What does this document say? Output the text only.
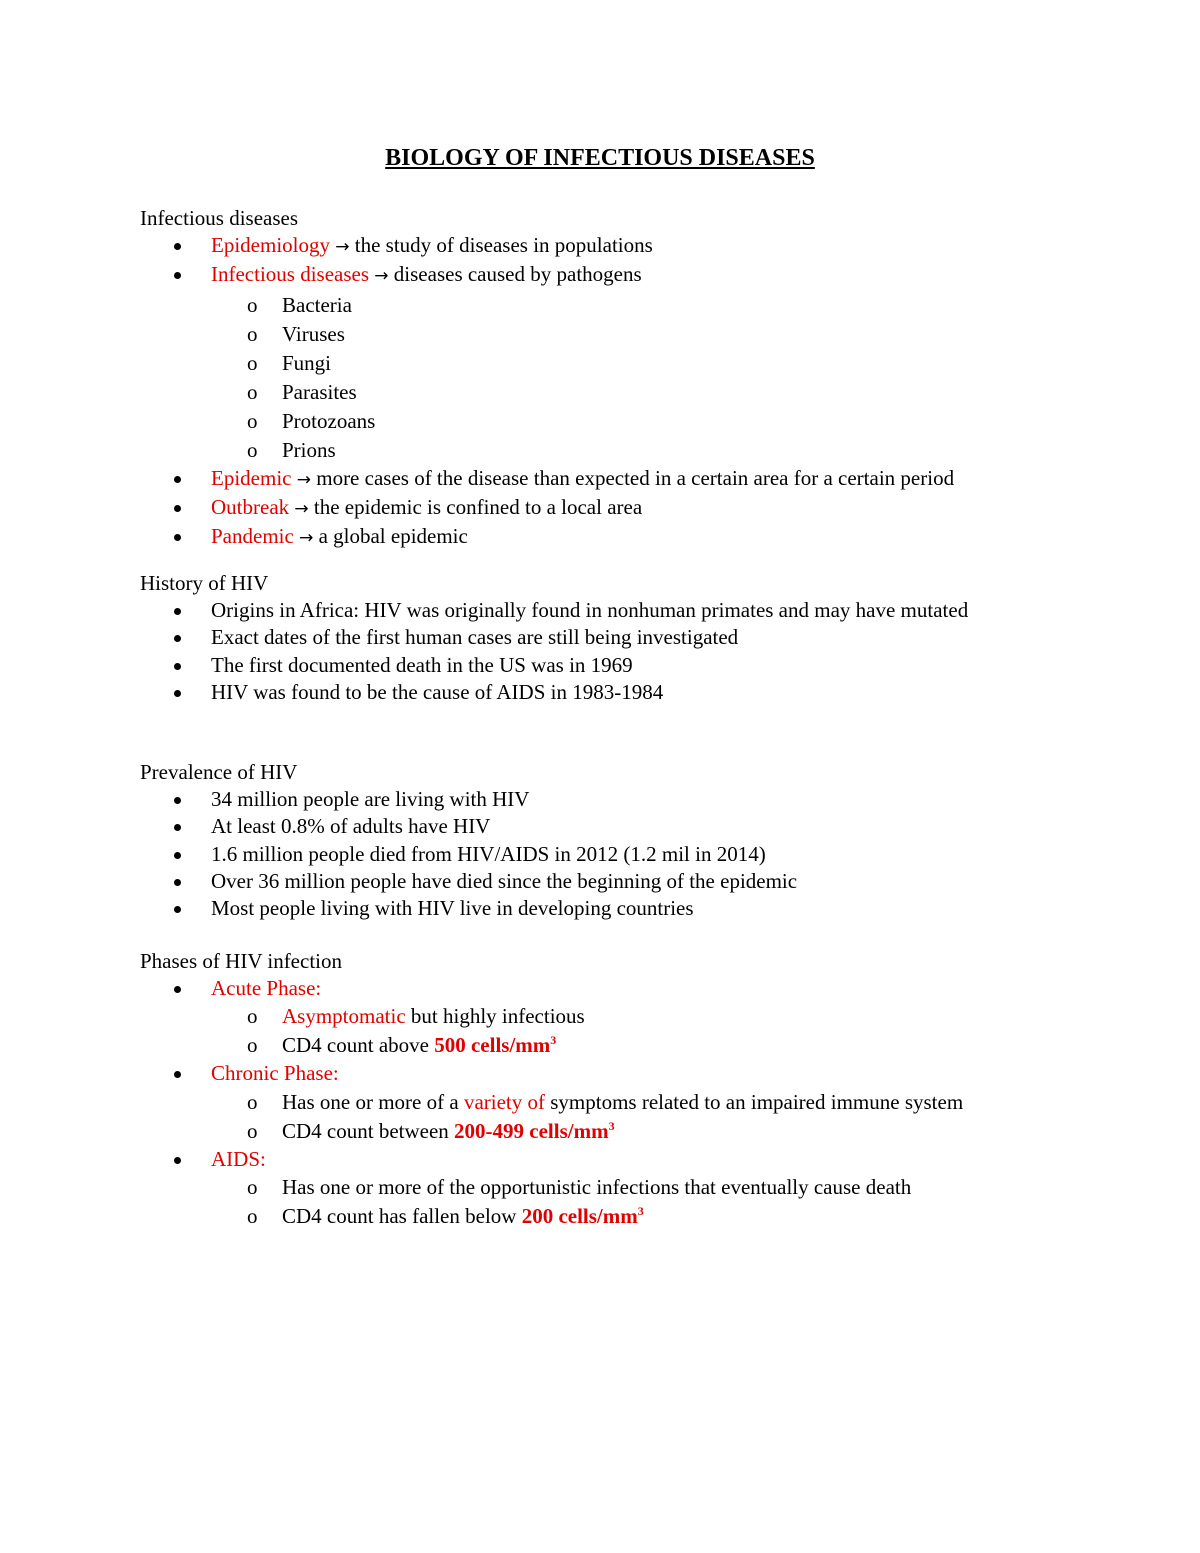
BIOLOGY OF INFECTIOUS DISEASES
Infectious diseases
Epidemiology → the study of diseases in populations
Infectious diseases → diseases caused by pathogens
o Bacteria
o Viruses
o Fungi
o Parasites
o Protozoans
o Prions
Epidemic → more cases of the disease than expected in a certain area for a certain period
Outbreak → the epidemic is confined to a local area
Pandemic → a global epidemic
History of HIV
Origins in Africa: HIV was originally found in nonhuman primates and may have mutated
Exact dates of the first human cases are still being investigated
The first documented death in the US was in 1969
HIV was found to be the cause of AIDS in 1983-1984
Prevalence of HIV
34 million people are living with HIV
At least 0.8% of adults have HIV
1.6 million people died from HIV/AIDS in 2012 (1.2 mil in 2014)
Over 36 million people have died since the beginning of the epidemic
Most people living with HIV live in developing countries
Phases of HIV infection
Acute Phase:
o Asymptomatic but highly infectious
o CD4 count above 500 cells/$mm^3$
Chronic Phase:
o Has one or more of a variety of symptoms related to an impaired immune system
o CD4 count between 200-499 cells/$mm^3$
AIDS:
o Has one or more of the opportunistic infections that eventually cause death
o CD4 count has fallen below 200 cells/$mm^3$
